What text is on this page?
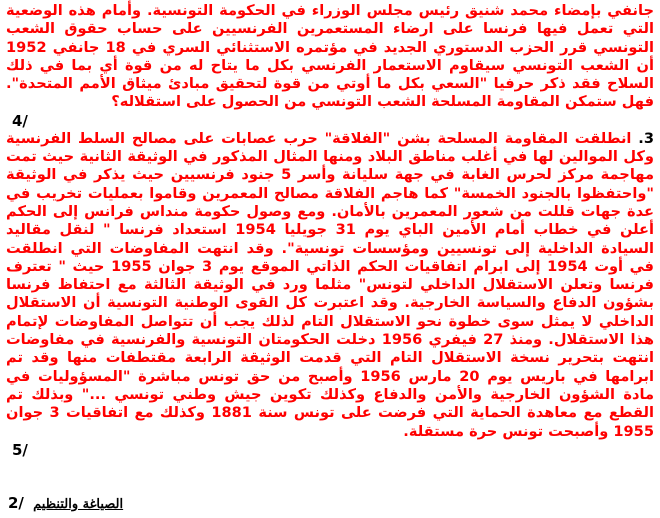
جانفي بإمضاء محمد شنيق رئيس مجلس الوزراء في الحكومة التونسية. وأمام هذه الوضعية التي تعمل فيها فرنسا على ارضاء المستعمرين الفرنسيين على حساب حقوق الشعب التونسي قرر الحزب الدستوري الجديد في مؤتمره الاستثنائي السري في 18 جانفي 1952 أن الشعب التونسي سيقاوم الاستعمار الفرنسي بكل ما يتاح له من قوة أي بما في ذلك السلاح فقد ذكر حرفيا "السعي بكل ما أوتي من قوة لتحقيق مبادئ ميثاق الأمم المتحدة". فهل ستمكن المقاومة المسلحة الشعب التونسي من الحصول على استقلاله؟

4/

3. انطلقت المقاومة المسلحة بشن "الفلاقة" حرب عصابات على مصالح السلط الفرنسية وكل الموالين لها في أغلب مناطق البلاد ومنها المثال المذكور في الوثيقة الثانية حيث تمت مهاجمة مركز لحرس الغابة في جهة سليانة وأسر 5 جنود فرنسيين حيث يذكر في الوثيقة "واحتفظوا بالجنود الخمسة" كما هاجم الفلاقة مصالح المعمرين وقاموا بعمليات تخريب في عدة جهات قللت من شعور المعمرين بالأمان. ومع وصول حكومة منداس فرانس إلى الحكم أعلن في خطاب أمام الأمين الباي يوم 31 جويليا 1954 استعداد فرنسا " لنقل مقاليد السيادة الداخلية إلى تونسيين ومؤسسات تونسية". وقد انتهت المفاوضات التي انطلقت في أوت 1954 إلى ابرام اتفاقيات الحكم الذاتي الموقع يوم 3 جوان 1955 حيث " تعترف فرنسا وتعلن الاستقلال الداخلي لتونس" مثلما ورد في الوثيقة الثالثة مع احتفاظ فرنسا بشؤون الدفاع والسياسة الخارجية. وقد اعتبرت كل القوى الوطنية التونسية أن الاستقلال الداخلي لا يمثل سوى خطوة نحو الاستقلال التام لذلك يجب أن تتواصل المفاوضات لإتمام هذا الاستقلال. ومنذ 27 فيفري 1956 دخلت الحكومتان التونسية والفرنسية في مفاوضات انتهت بتحرير نسخة الاستقلال التام التي قدمت الوثيقة الرابعة مقتطفات منها وقد تم ابرامها في باريس يوم 20 مارس 1956 وأصبح من حق تونس مباشرة "المسؤوليات في مادة الشؤون الخارجية والأمن والدفاع وكذلك تكوين جيش وطني تونسي ..." وبذلك تم القطع مع معاهدة الحماية التي فرضت على تونس سنة 1881 وكذلك مع اتفاقيات 3 جوان 1955 وأصبحت تونس حرة مستقلة.

5/

2/ الصياغة والتنظيم
